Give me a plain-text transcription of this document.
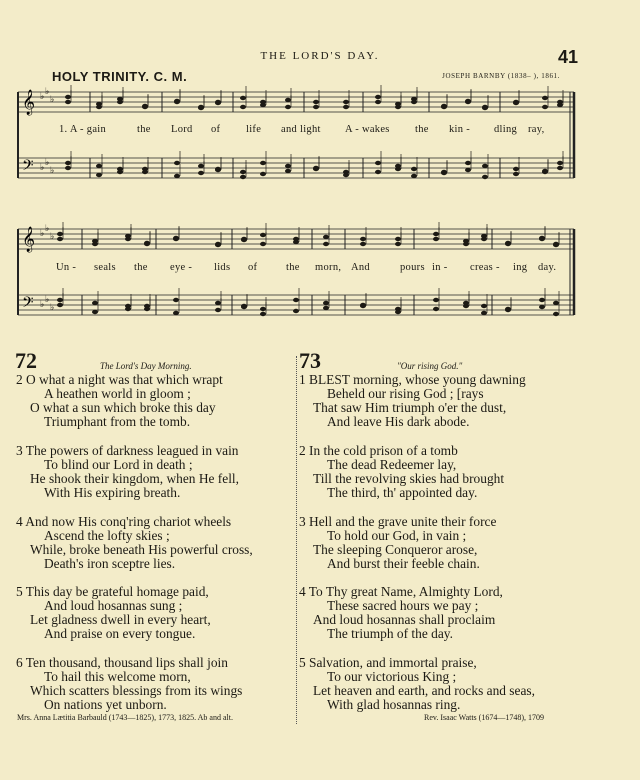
THE LORD'S DAY.	41
HOLY TRINITY. C. M.	JOSEPH BARNBY (1838– ), 1861.
𝄞
𝄢
♭ ♭
♭
♭ ♭
♭
𝄞
𝄢
♭ ♭
♭
♭ ♭
♭
1. A - gain	the Lord of life and light A - wakes the kin - dling ray,
Un - seals the eye - lids of	the morn, And	pours in - creas - ing day.
72	The Lord's Day Morning.
2 O what a night was that which wrapt
A heathen world in gloom ;
O what a sun which broke this day
Triumphant from the tomb.
3 The powers of darkness leagued in vain
To blind our Lord in death ;
He shook their kingdom, when He fell,
With His expiring breath.
4 And now His conq'ring chariot wheels
Ascend the lofty skies ;
While, broke beneath His powerful cross,
Death's iron sceptre lies.
5 This day be grateful homage paid,
And loud hosannas sung ;
Let gladness dwell in every heart,
And praise on every tongue.
6 Ten thousand, thousand lips shall join
To hail this welcome morn,
Which scatters blessings from its wings
On nations yet unborn.
Mrs. Anna Lætitia Barbauld (1743—1825), 1773, 1825. Ab and alt.
73	"Our rising God."
1 BLEST morning, whose young dawning
Beheld our rising God ; [rays
That saw Him triumph o'er the dust,
And leave His dark abode.
2 In the cold prison of a tomb
The dead Redeemer lay,
Till the revolving skies had brought
The third, th' appointed day.
3 Hell and the grave unite their force
To hold our God, in vain ;
The sleeping Conqueror arose,
And burst their feeble chain.
4 To Thy great Name, Almighty Lord,
These sacred hours we pay ;
And loud hosannas shall proclaim
The triumph of the day.
5 Salvation, and immortal praise,
To our victorious King ;
Let heaven and earth, and rocks and seas,
With glad hosannas ring.
Rev. Isaac Watts (1674—1748), 1709
